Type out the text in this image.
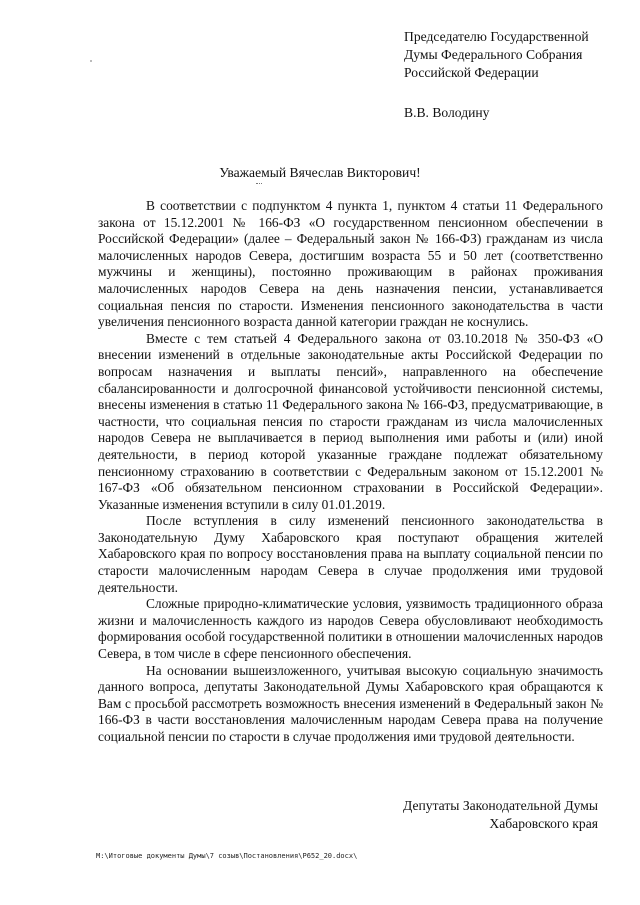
Председателю Государственной
Думы Федерального Собрания
Российской Федерации
В.В. Володину
Уважаемый Вячеслав Викторович!

В соответствии с подпунктом 4 пункта 1, пунктом 4 статьи 11 Федерального закона от 15.12.2001 № 166-ФЗ «О государственном пенсионном обеспечении в Российской Федерации» (далее – Федеральный закон № 166-ФЗ) гражданам из числа малочисленных народов Севера, достигшим возраста 55 и 50 лет (соответственно мужчины и женщины), постоянно проживающим в районах проживания малочисленных народов Севера на день назначения пенсии, устанавливается социальная пенсия по старости. Изменения пенсионного законодательства в части увеличения пенсионного возраста данной категории граждан не коснулись.

Вместе с тем статьей 4 Федерального закона от 03.10.2018 № 350-ФЗ «О внесении изменений в отдельные законодательные акты Российской Федерации по вопросам назначения и выплаты пенсий», направленного на обеспечение сбалансированности и долгосрочной финансовой устойчивости пенсионной системы, внесены изменения в статью 11 Федерального закона № 166-ФЗ, предусматривающие, в частности, что социальная пенсия по старости гражданам из числа малочисленных народов Севера не выплачивается в период выполнения ими работы и (или) иной деятельности, в период которой указанные граждане подлежат обязательному пенсионному страхованию в соответствии с Федеральным законом от 15.12.2001 № 167-ФЗ «Об обязательном пенсионном страховании в Российской Федерации». Указанные изменения вступили в силу 01.01.2019.

После вступления в силу изменений пенсионного законодательства в Законодательную Думу Хабаровского края поступают обращения жителей Хабаровского края по вопросу восстановления права на выплату социальной пенсии по старости малочисленным народам Севера в случае продолжения ими трудовой деятельности.

Сложные природно-климатические условия, уязвимость традиционного образа жизни и малочисленность каждого из народов Севера обусловливают необходимость формирования особой государственной политики в отношении малочисленных народов Севера, в том числе в сфере пенсионного обеспечения.

На основании вышеизложенного, учитывая высокую социальную значимость данного вопроса, депутаты Законодательной Думы Хабаровского края обращаются к Вам с просьбой рассмотреть возможность внесения изменений в Федеральный закон № 166-ФЗ в части восстановления малочисленным народам Севера права на получение социальной пенсии по старости в случае продолжения ими трудовой деятельности.

Депутаты Законодательной Думы
Хабаровского края
M:\Итоговые документы Думы\7 созыв\Постановления\Р652_20.docx\
